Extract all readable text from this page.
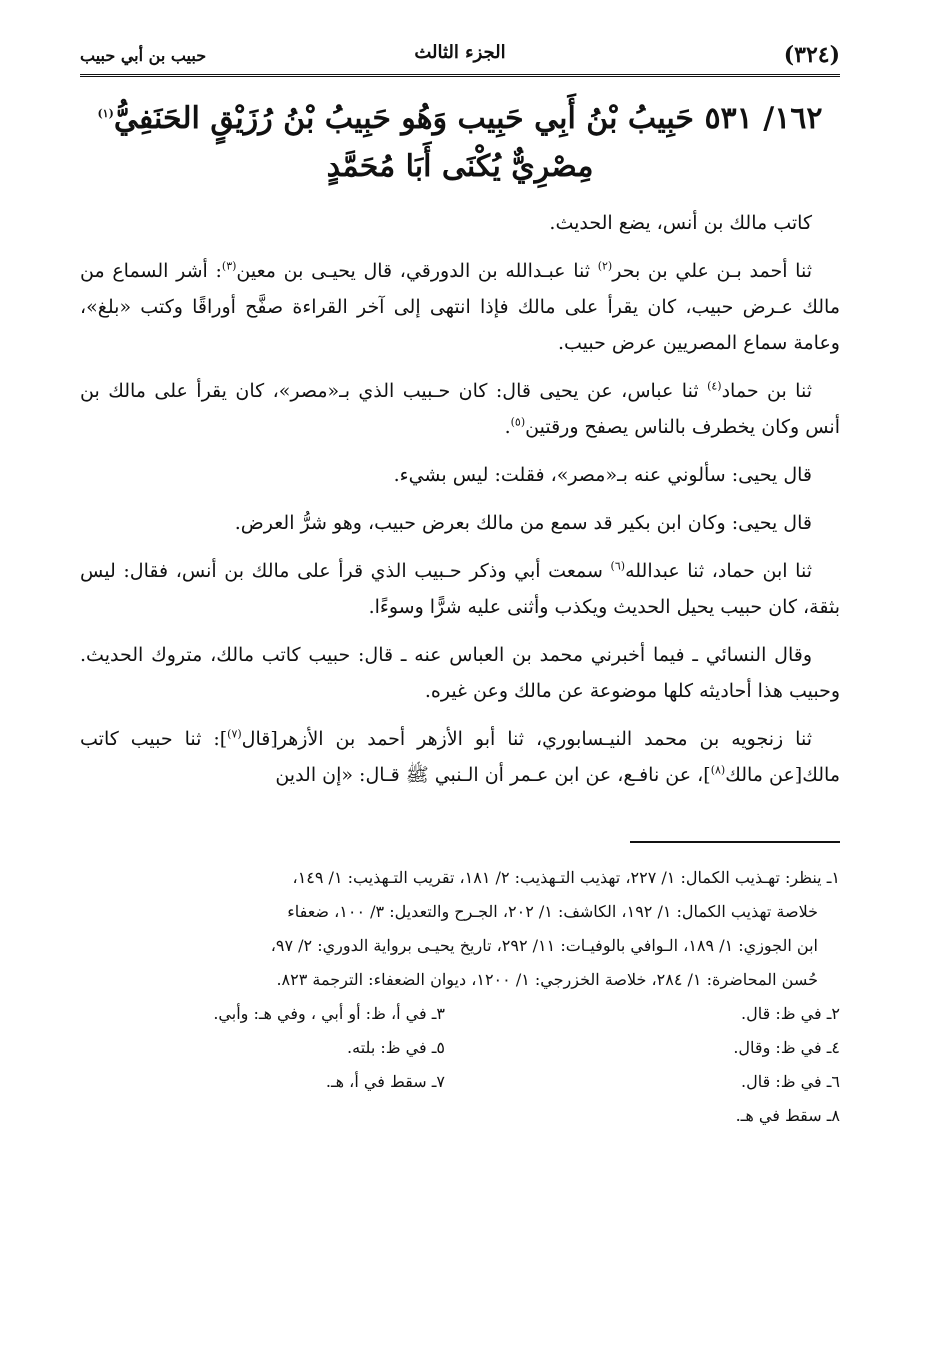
(٣٢٤)
الجزء الثالث
حبيب بن أبي حبيب
١٦٢/ ٥٣١ حَبِيبُ بْنُ أَبِي حَبِيب وَهُو حَبِيبُ بْنُ رُزَيْقٍ الحَنَفِيُّ$^{(١)}$
مِصْرِيٌّ يُكْنَى أَبَا مُحَمَّدٍ

كاتب مالك بن أنس، يضع الحديث.

ثنا أحمد بـن علي بن بحر$^{(٢)}$ ثنا عبـدالله بن الدورقي، قال يحيـى بن معين$^{(٣)}$: أشر السماع من مالك عـرض حبيب، كان يقرأ على مالك فإذا انتهى إلى آخر القراءة صفَّح أوراقًا وكتب «بلغ»، وعامة سماع المصريين عرض حبيب.

ثنا بن حماد$^{(٤)}$ ثنا عباس، عن يحيى قال: كان حـبيب الذي بـ«مصر»، كان يقرأ على مالك بن أنس وكان يخطرف بالناس يصفح ورقتين$^{(٥)}$.

قال يحيى: سألوني عنه بـ«مصر»، فقلت: ليس بشيء.

قال يحيى: وكان ابن بكير قد سمع من مالك بعرض حبيب، وهو شرُّ العرض.

ثنا ابن حماد، ثنا عبدالله$^{(٦)}$ سمعت أبي وذكر حـبيب الذي قرأ على مالك بن أنس، فقال: ليس بثقة، كان حبيب يحيل الحديث ويكذب وأثنى عليه شرًّا وسوءًا.

وقال النسائي ـ فيما أخبرني محمد بن العباس عنه ـ قال: حبيب كاتب مالك، متروك الحديث. وحبيب هذا أحاديثه كلها موضوعة عن مالك وعن غيره.

ثنا زنجويه بن محمد النيـسابوري، ثنا أبو الأزهر أحمد بن الأزهر[قال$^{(٧)}$]: ثنا حبيب كاتب مالك[عن مالك$^{(٨)}$]، عن نافـع، عن ابن عـمر أن الـنبي ﷺ قـال: «إن الدين

١ـ ينظر: تهـذيب الكمال: ١/ ٢٢٧، تهذيب التـهذيب: ٢/ ١٨١، تقريب التـهذيب: ١/ ١٤٩،
خلاصة تهذيب الكمال: ١/ ١٩٢، الكاشف: ١/ ٢٠٢، الجـرح والتعديل: ٣/ ١٠٠، ضعفاء
ابن الجوزي: ١/ ١٨٩، الـوافي بالوفيـات: ١١/ ٢٩٢، تاريخ يحيـى برواية الدوري: ٢/ ٩٧،
حُسن المحاضرة: ١/ ٢٨٤، خلاصة الخزرجي: ١/ ١٢٠٠، ديوان الضعفاء: الترجمة ٨٢٣.
٢ـ في ظ: قال.
٣ـ في أ، ظ: أو أبي ، وفي هـ: وأبي.
٤ـ في ظ: وقال.
٥ـ في ظ: بلته.
٦ـ في ظ: قال.
٧ـ سقط في أ، هـ.
٨ـ سقط في هـ.
